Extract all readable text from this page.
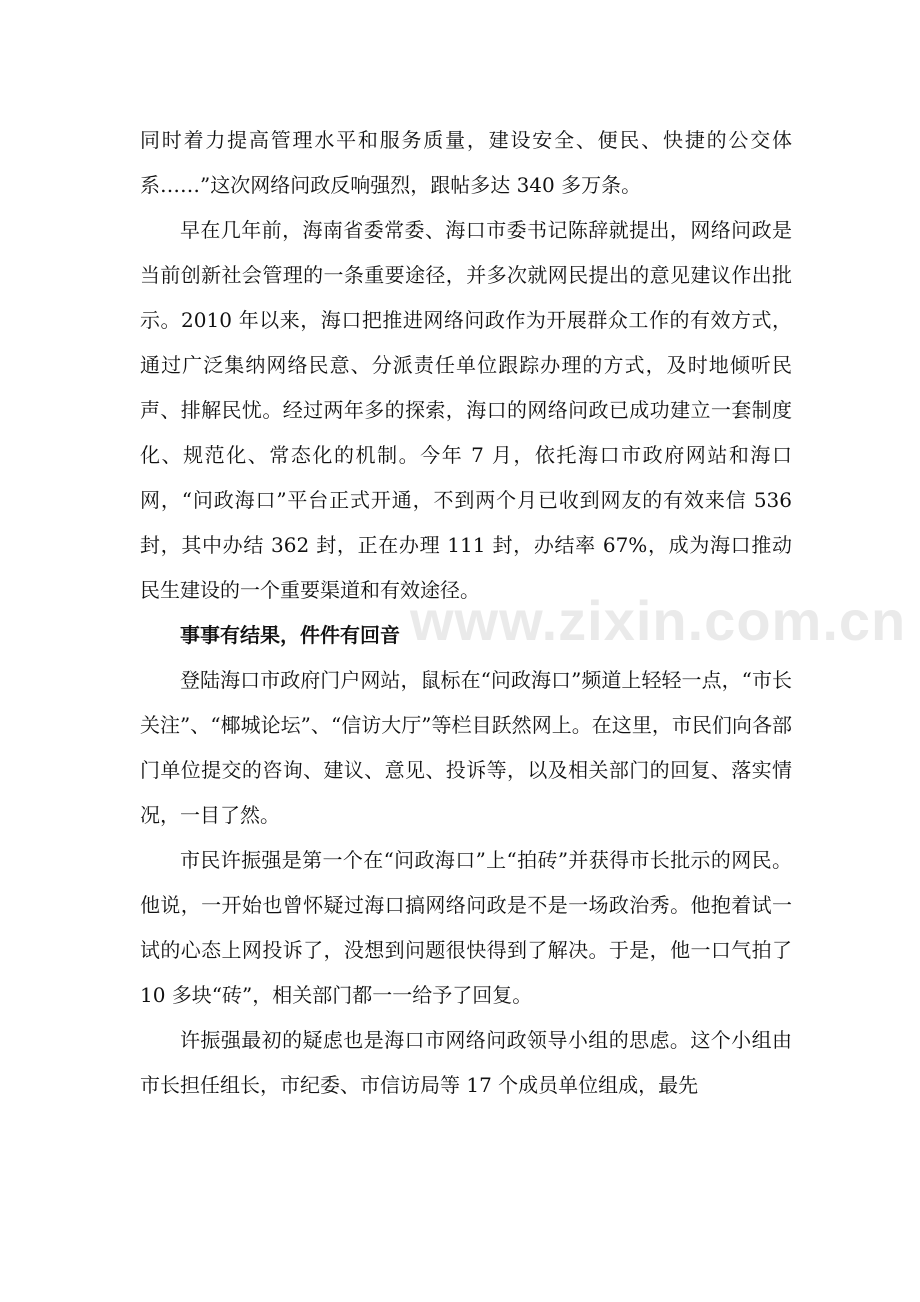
同时着力提高管理水平和服务质量，建设安全、便民、快捷的公交体系……”这次网络问政反响强烈，跟帖多达 340 多万条。

早在几年前，海南省委常委、海口市委书记陈辞就提出，网络问政是当前创新社会管理的一条重要途径，并多次就网民提出的意见建议作出批示。2010 年以来，海口把推进网络问政作为开展群众工作的有效方式，通过广泛集纳网络民意、分派责任单位跟踪办理的方式，及时地倾听民声、排解民忧。经过两年多的探索，海口的网络问政已成功建立一套制度化、规范化、常态化的机制。今年 7 月，依托海口市政府网站和海口网，“问政海口”平台正式开通，不到两个月已收到网友的有效来信 536 封，其中办结 362 封，正在办理 111 封，办结率 67%，成为海口推动民生建设的一个重要渠道和有效途径。

事事有结果，件件有回音

登陆海口市政府门户网站，鼠标在“问政海口”频道上轻轻一点，“市长关注”、“椰城论坛”、“信访大厅”等栏目跃然网上。在这里，市民们向各部门单位提交的咨询、建议、意见、投诉等，以及相关部门的回复、落实情况，一目了然。

市民许振强是第一个在“问政海口”上“拍砖”并获得市长批示的网民。他说，一开始也曾怀疑过海口搞网络问政是不是一场政治秀。他抱着试一试的心态上网投诉了，没想到问题很快得到了解决。于是，他一口气拍了 10 多块“砖”，相关部门都一一给予了回复。

许振强最初的疑虑也是海口市网络问政领导小组的思虑。这个小组由市长担任组长，市纪委、市信访局等 17 个成员单位组成，最先

www.zixin.com.cn
